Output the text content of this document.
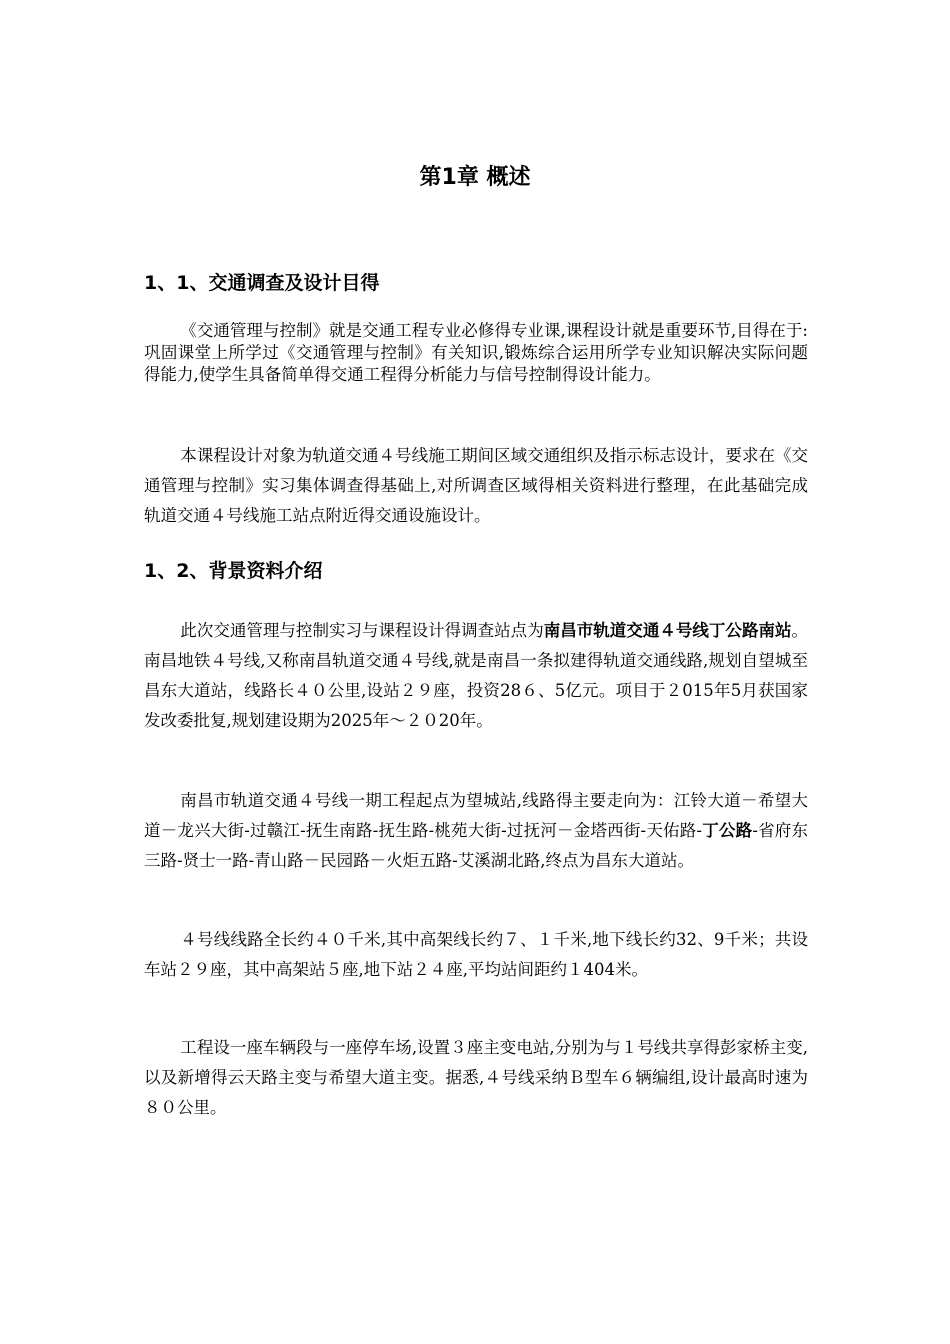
第1章 概述
1、1、交通调查及设计目得

《交通管理与控制》就是交通工程专业必修得专业课,课程设计就是重要环节,目得在于:巩固课堂上所学过《交通管理与控制》有关知识,锻炼综合运用所学专业知识解决实际问题得能力,使学生具备简单得交通工程得分析能力与信号控制得设计能力。

本课程设计对象为轨道交通４号线施工期间区域交通组织及指示标志设计，要求在《交通管理与控制》实习集体调查得基础上,对所调查区域得相关资料进行整理，在此基础完成轨道交通４号线施工站点附近得交通设施设计。

1、2、背景资料介绍

此次交通管理与控制实习与课程设计得调查站点为南昌市轨道交通４号线丁公路南站。南昌地铁４号线,又称南昌轨道交通４号线,就是南昌一条拟建得轨道交通线路,规划自望城至昌东大道站，线路长４０公里,设站２９座，投资28６、5亿元。项目于２015年5月获国家发改委批复,规划建设期为2025年～２０20年。

南昌市轨道交通４号线一期工程起点为望城站,线路得主要走向为：江铃大道－希望大道－龙兴大街-过赣江-抚生南路-抚生路-桃苑大街-过抚河－金塔西街-天佑路-丁公路-省府东三路-贤士一路-青山路－民园路－火炬五路-艾溪湖北路,终点为昌东大道站。

４号线线路全长约４０千米,其中高架线长约７、１千米,地下线长约32、9千米；共设车站２９座，其中高架站５座,地下站２４座,平均站间距约１404米。

工程设一座车辆段与一座停车场,设置３座主变电站,分别为与１号线共享得彭家桥主变,以及新增得云天路主变与希望大道主变。据悉,４号线采纳Ｂ型车６辆编组,设计最高时速为８０公里。
